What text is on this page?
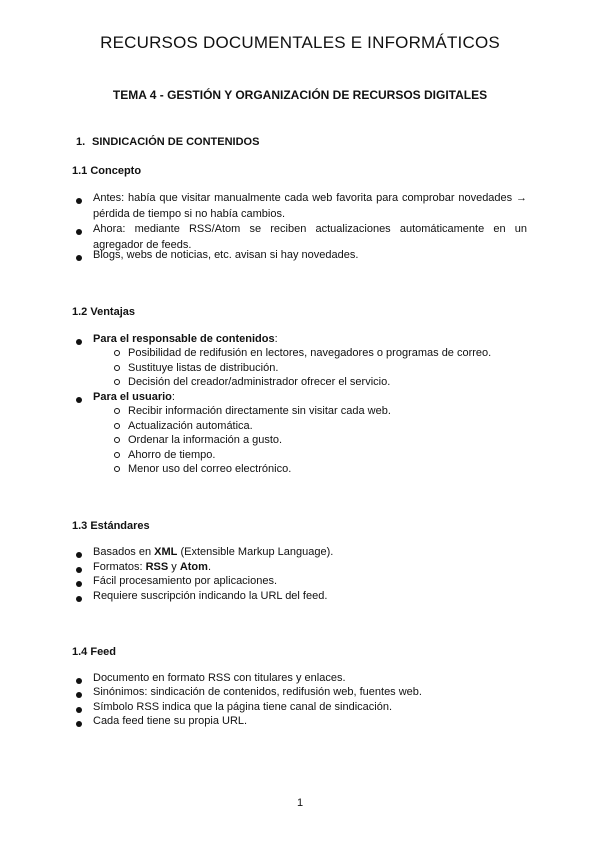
RECURSOS DOCUMENTALES E INFORMÁTICOS
TEMA 4 - GESTIÓN Y ORGANIZACIÓN DE RECURSOS DIGITALES
1. SINDICACIÓN DE CONTENIDOS
1.1 Concepto
Antes: había que visitar manualmente cada web favorita para comprobar novedades → pérdida de tiempo si no había cambios.
Ahora: mediante RSS/Atom se reciben actualizaciones automáticamente en un agregador de feeds.
Blogs, webs de noticias, etc. avisan si hay novedades.
1.2 Ventajas
Para el responsable de contenidos:
Posibilidad de redifusión en lectores, navegadores o programas de correo.
Sustituye listas de distribución.
Decisión del creador/administrador ofrecer el servicio.
Para el usuario:
Recibir información directamente sin visitar cada web.
Actualización automática.
Ordenar la información a gusto.
Ahorro de tiempo.
Menor uso del correo electrónico.
1.3 Estándares
Basados en XML (Extensible Markup Language).
Formatos: RSS y Atom.
Fácil procesamiento por aplicaciones.
Requiere suscripción indicando la URL del feed.
1.4 Feed
Documento en formato RSS con titulares y enlaces.
Sinónimos: sindicación de contenidos, redifusión web, fuentes web.
Símbolo RSS indica que la página tiene canal de sindicación.
Cada feed tiene su propia URL.
1
